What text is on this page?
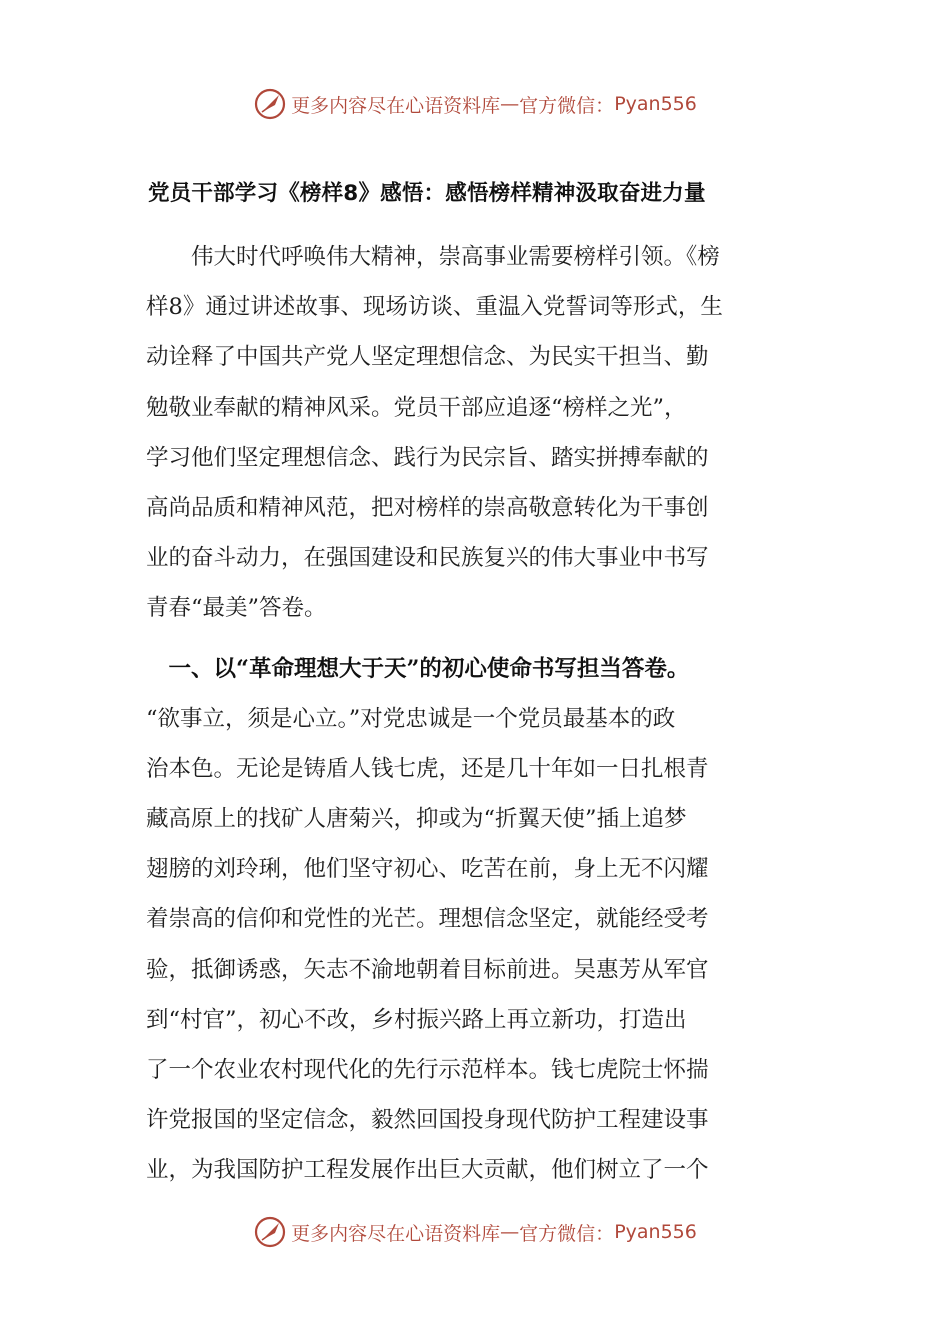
更多内容尽在心语资料库 — 官方微信： Pyan556
党员干部学习《榜样8》感悟：感悟榜样精神汲取奋进力量
　　伟大时代呼唤伟大精神，崇高事业需要榜样引领。《榜
样8》通过讲述故事、现场访谈、重温入党誓词等形式，生
动诠释了中国共产党人坚定理想信念、为民实干担当、勤
勉敬业奉献的精神风采。党员干部应追逐“榜样之光”，
学习他们坚定理想信念、践行为民宗旨、踏实拼搏奉献的
高尚品质和精神风范，把对榜样的崇高敬意转化为干事创
业的奋斗动力，在强国建设和民族复兴的伟大事业中书写
青春“最美”答卷。
　一、以“革命理想大于天”的初心使命书写担当答卷。
“欲事立，须是心立。”对党忠诚是一个党员最基本的政
治本色。无论是铸盾人钱七虎，还是几十年如一日扎根青
藏高原上的找矿人唐菊兴，抑或为“折翼天使”插上追梦
翅膀的刘玲琍，他们坚守初心、吃苦在前，身上无不闪耀
着崇高的信仰和党性的光芒。理想信念坚定，就能经受考
验，抵御诱惑，矢志不渝地朝着目标前进。吴惠芳从军官
到“村官”，初心不改，乡村振兴路上再立新功，打造出
了一个农业农村现代化的先行示范样本。钱七虎院士怀揣
许党报国的坚定信念，毅然回国投身现代防护工程建设事
业，为我国防护工程发展作出巨大贡献，他们树立了一个
更多内容尽在心语资料库 — 官方微信： Pyan556
